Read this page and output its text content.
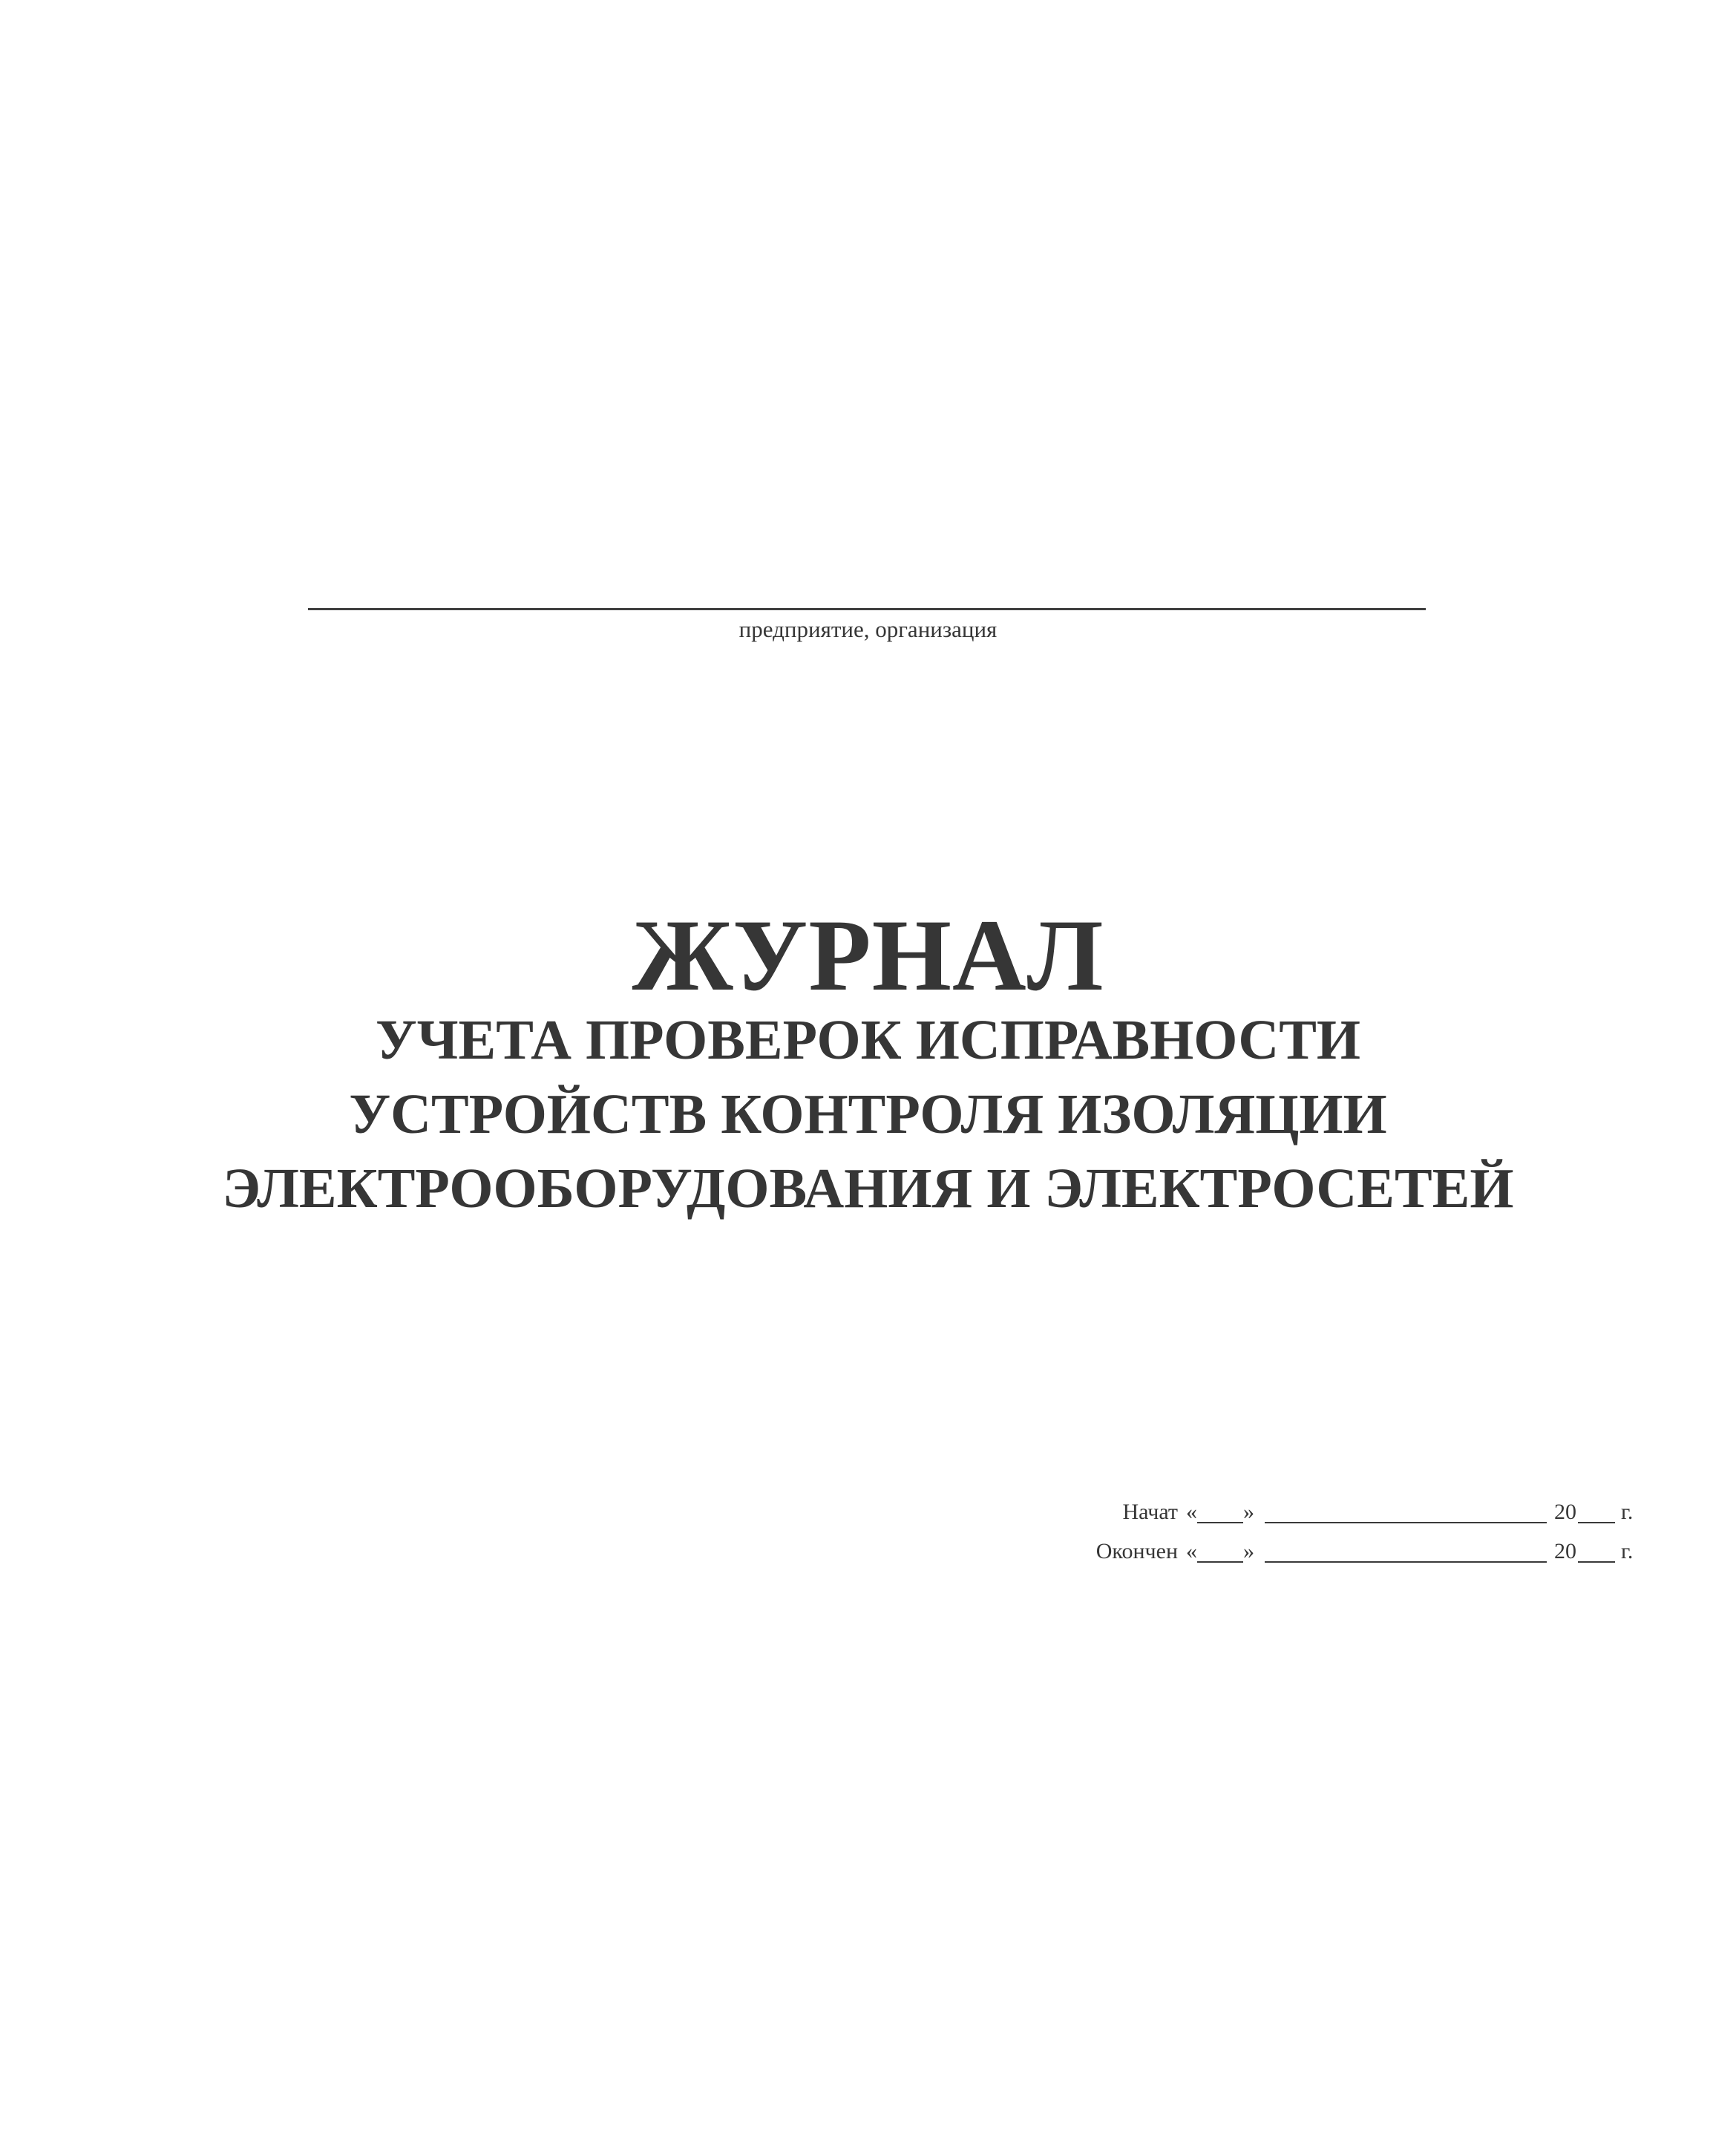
предприятие, организация
ЖУРНАЛ
УЧЕТА ПРОВЕРОК ИСПРАВНОСТИ
УСТРОЙСТВ КОНТРОЛЯ ИЗОЛЯЦИИ
ЭЛЕКТРООБОРУДОВАНИЯ И ЭЛЕКТРОСЕТЕЙ
Начат « »	20 г.
Окончен « »	20 г.
